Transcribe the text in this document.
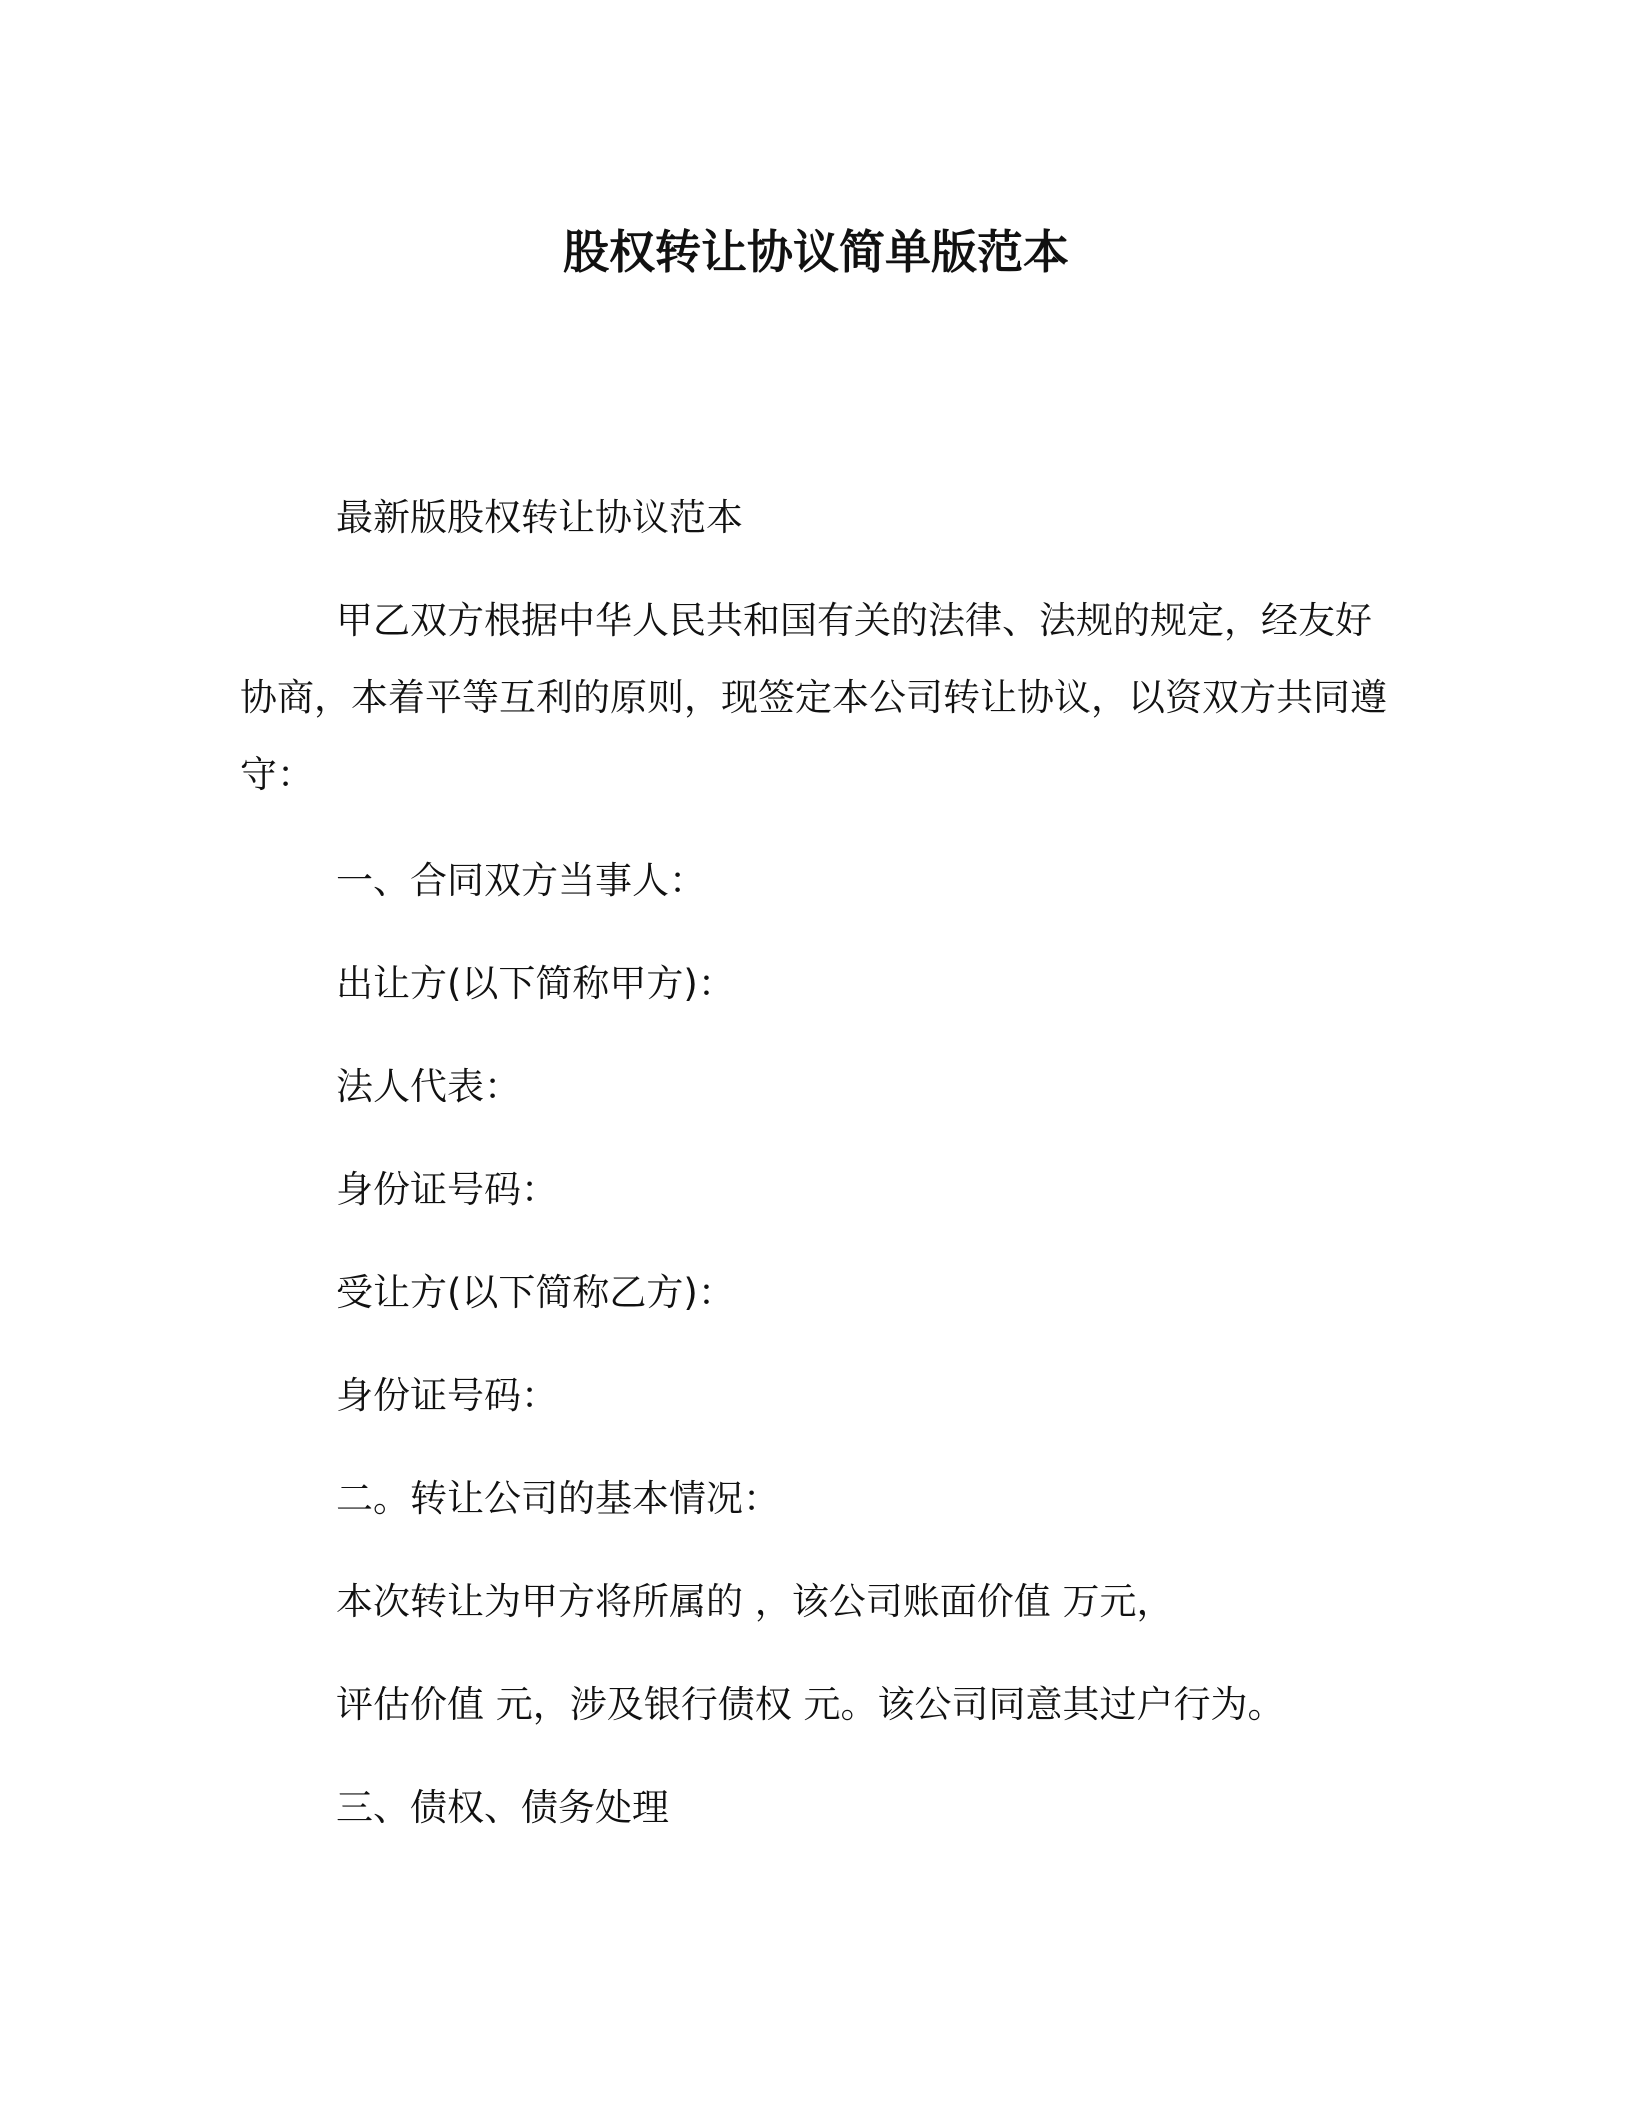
股权转让协议简单版范本
最新版股权转让协议范本
甲乙双方根据中华人民共和国有关的法律、法规的规定，经友好协商，本着平等互利的原则，现签定本公司转让协议，以资双方共同遵守：
一、合同双方当事人：
出让方(以下简称甲方)：
法人代表：
身份证号码：
受让方(以下简称乙方)：
身份证号码：
二。转让公司的基本情况：
本次转让为甲方将所属的 ，该公司账面价值 万元，
评估价值 元，涉及银行债权 元。该公司同意其过户行为。
三、债权、债务处理
